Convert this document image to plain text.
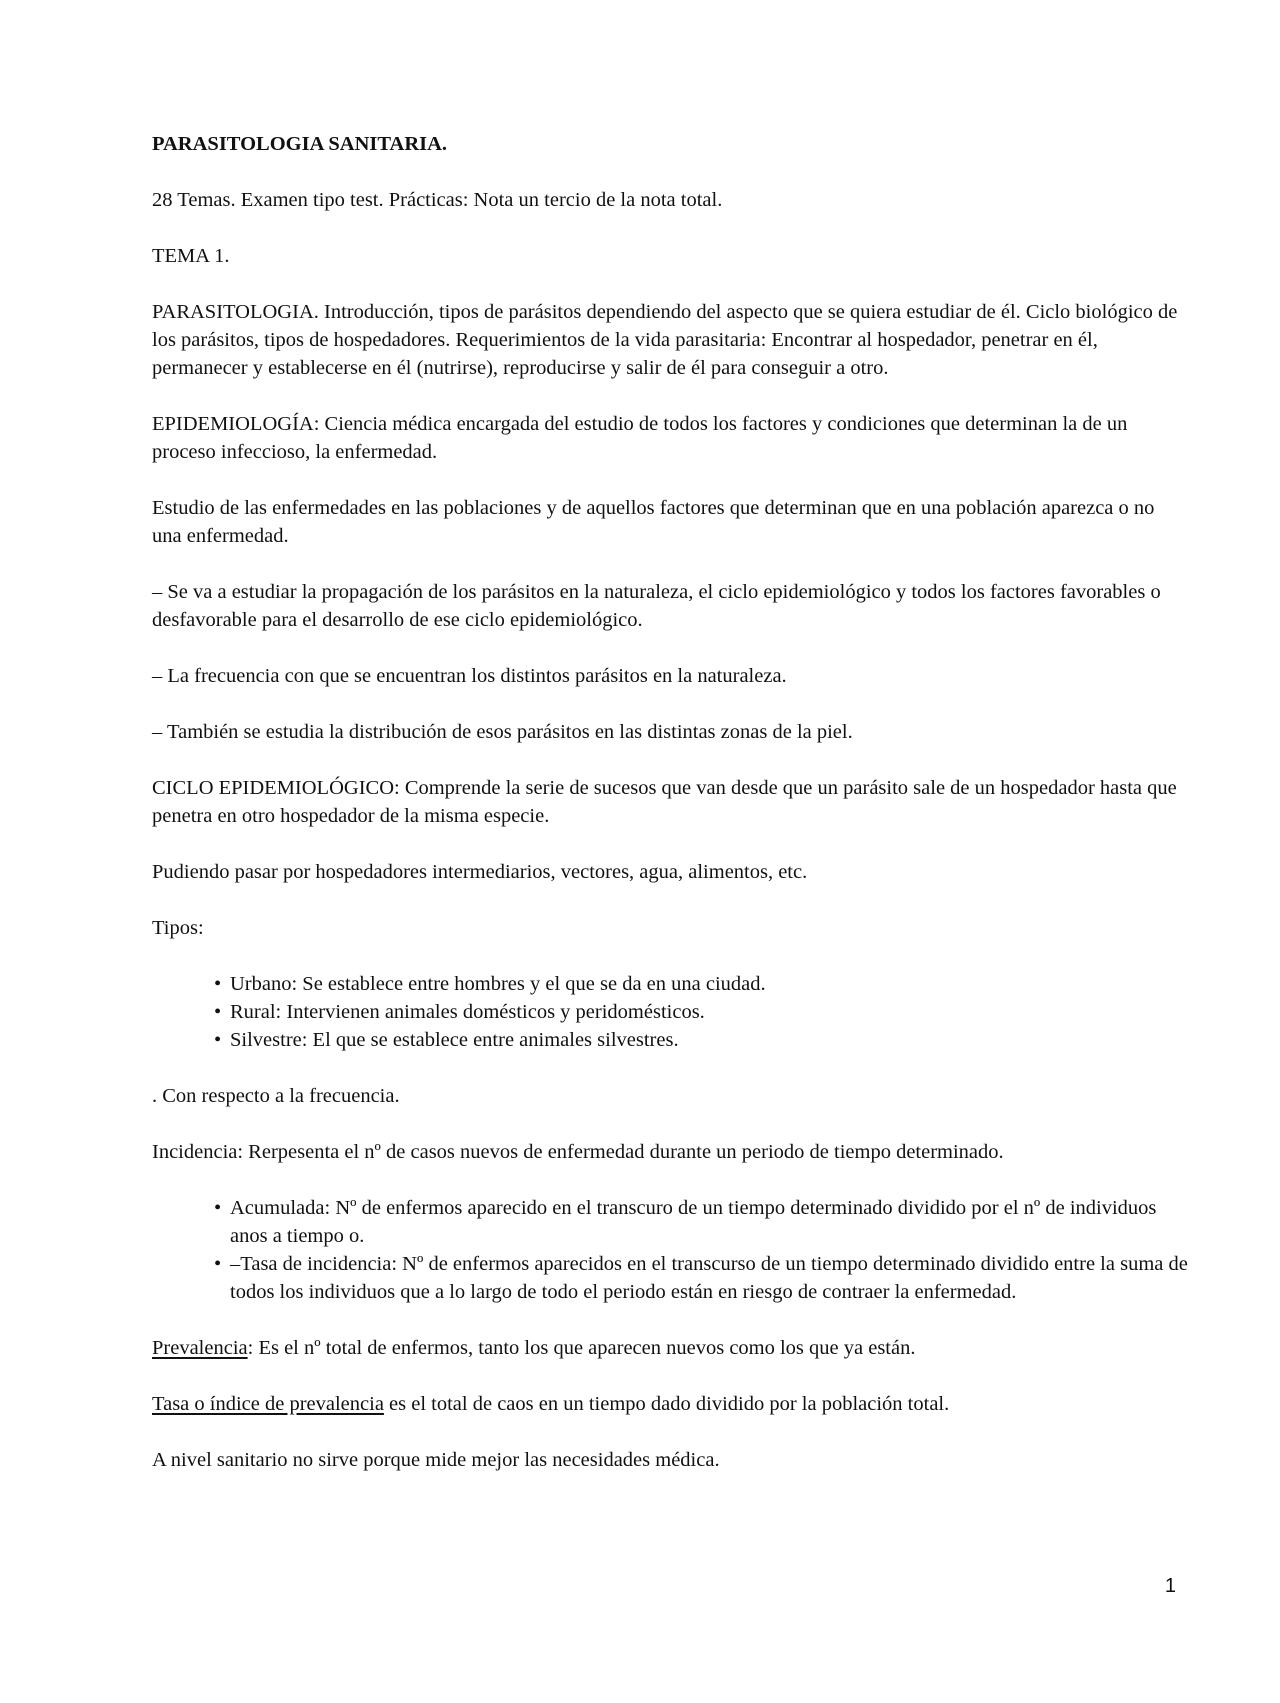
PARASITOLOGIA SANITARIA.

28 Temas. Examen tipo test. Prácticas: Nota un tercio de la nota total.

TEMA 1.

PARASITOLOGIA. Introducción, tipos de parásitos dependiendo del aspecto que se quiera estudiar de él. Ciclo biológico de los parásitos, tipos de hospedadores. Requerimientos de la vida parasitaria: Encontrar al hospedador, penetrar en él, permanecer y establecerse en él (nutrirse), reproducirse y salir de él para conseguir a otro.

EPIDEMIOLOGÍA: Ciencia médica encargada del estudio de todos los factores y condiciones que determinan la de un proceso infeccioso, la enfermedad.

Estudio de las enfermedades en las poblaciones y de aquellos factores que determinan que en una población aparezca o no una enfermedad.

– Se va a estudiar la propagación de los parásitos en la naturaleza, el ciclo epidemiológico y todos los factores favorables o desfavorable para el desarrollo de ese ciclo epidemiológico.

– La frecuencia con que se encuentran los distintos parásitos en la naturaleza.

– También se estudia la distribución de esos parásitos en las distintas zonas de la piel.

CICLO EPIDEMIOLÓGICO: Comprende la serie de sucesos que van desde que un parásito sale de un hospedador hasta que penetra en otro hospedador de la misma especie.

Pudiendo pasar por hospedadores intermediarios, vectores, agua, alimentos, etc.

Tipos:

• Urbano: Se establece entre hombres y el que se da en una ciudad.
• Rural: Intervienen animales domésticos y peridomésticos.
• Silvestre: El que se establece entre animales silvestres.

. Con respecto a la frecuencia.

Incidencia: Rerpesenta el nº de casos nuevos de enfermedad durante un periodo de tiempo determinado.

• Acumulada: Nº de enfermos aparecido en el transcuro de un tiempo determinado dividido por el nº de individuos anos a tiempo o.
• –Tasa de incidencia: Nº de enfermos aparecidos en el transcurso de un tiempo determinado dividido entre la suma de todos los individuos que a lo largo de todo el periodo están en riesgo de contraer la enfermedad.

Prevalencia: Es el nº total de enfermos, tanto los que aparecen nuevos como los que ya están.

Tasa o índice de prevalencia es el total de caos en un tiempo dado dividido por la población total.

A nivel sanitario no sirve porque mide mejor las necesidades médica.

1
